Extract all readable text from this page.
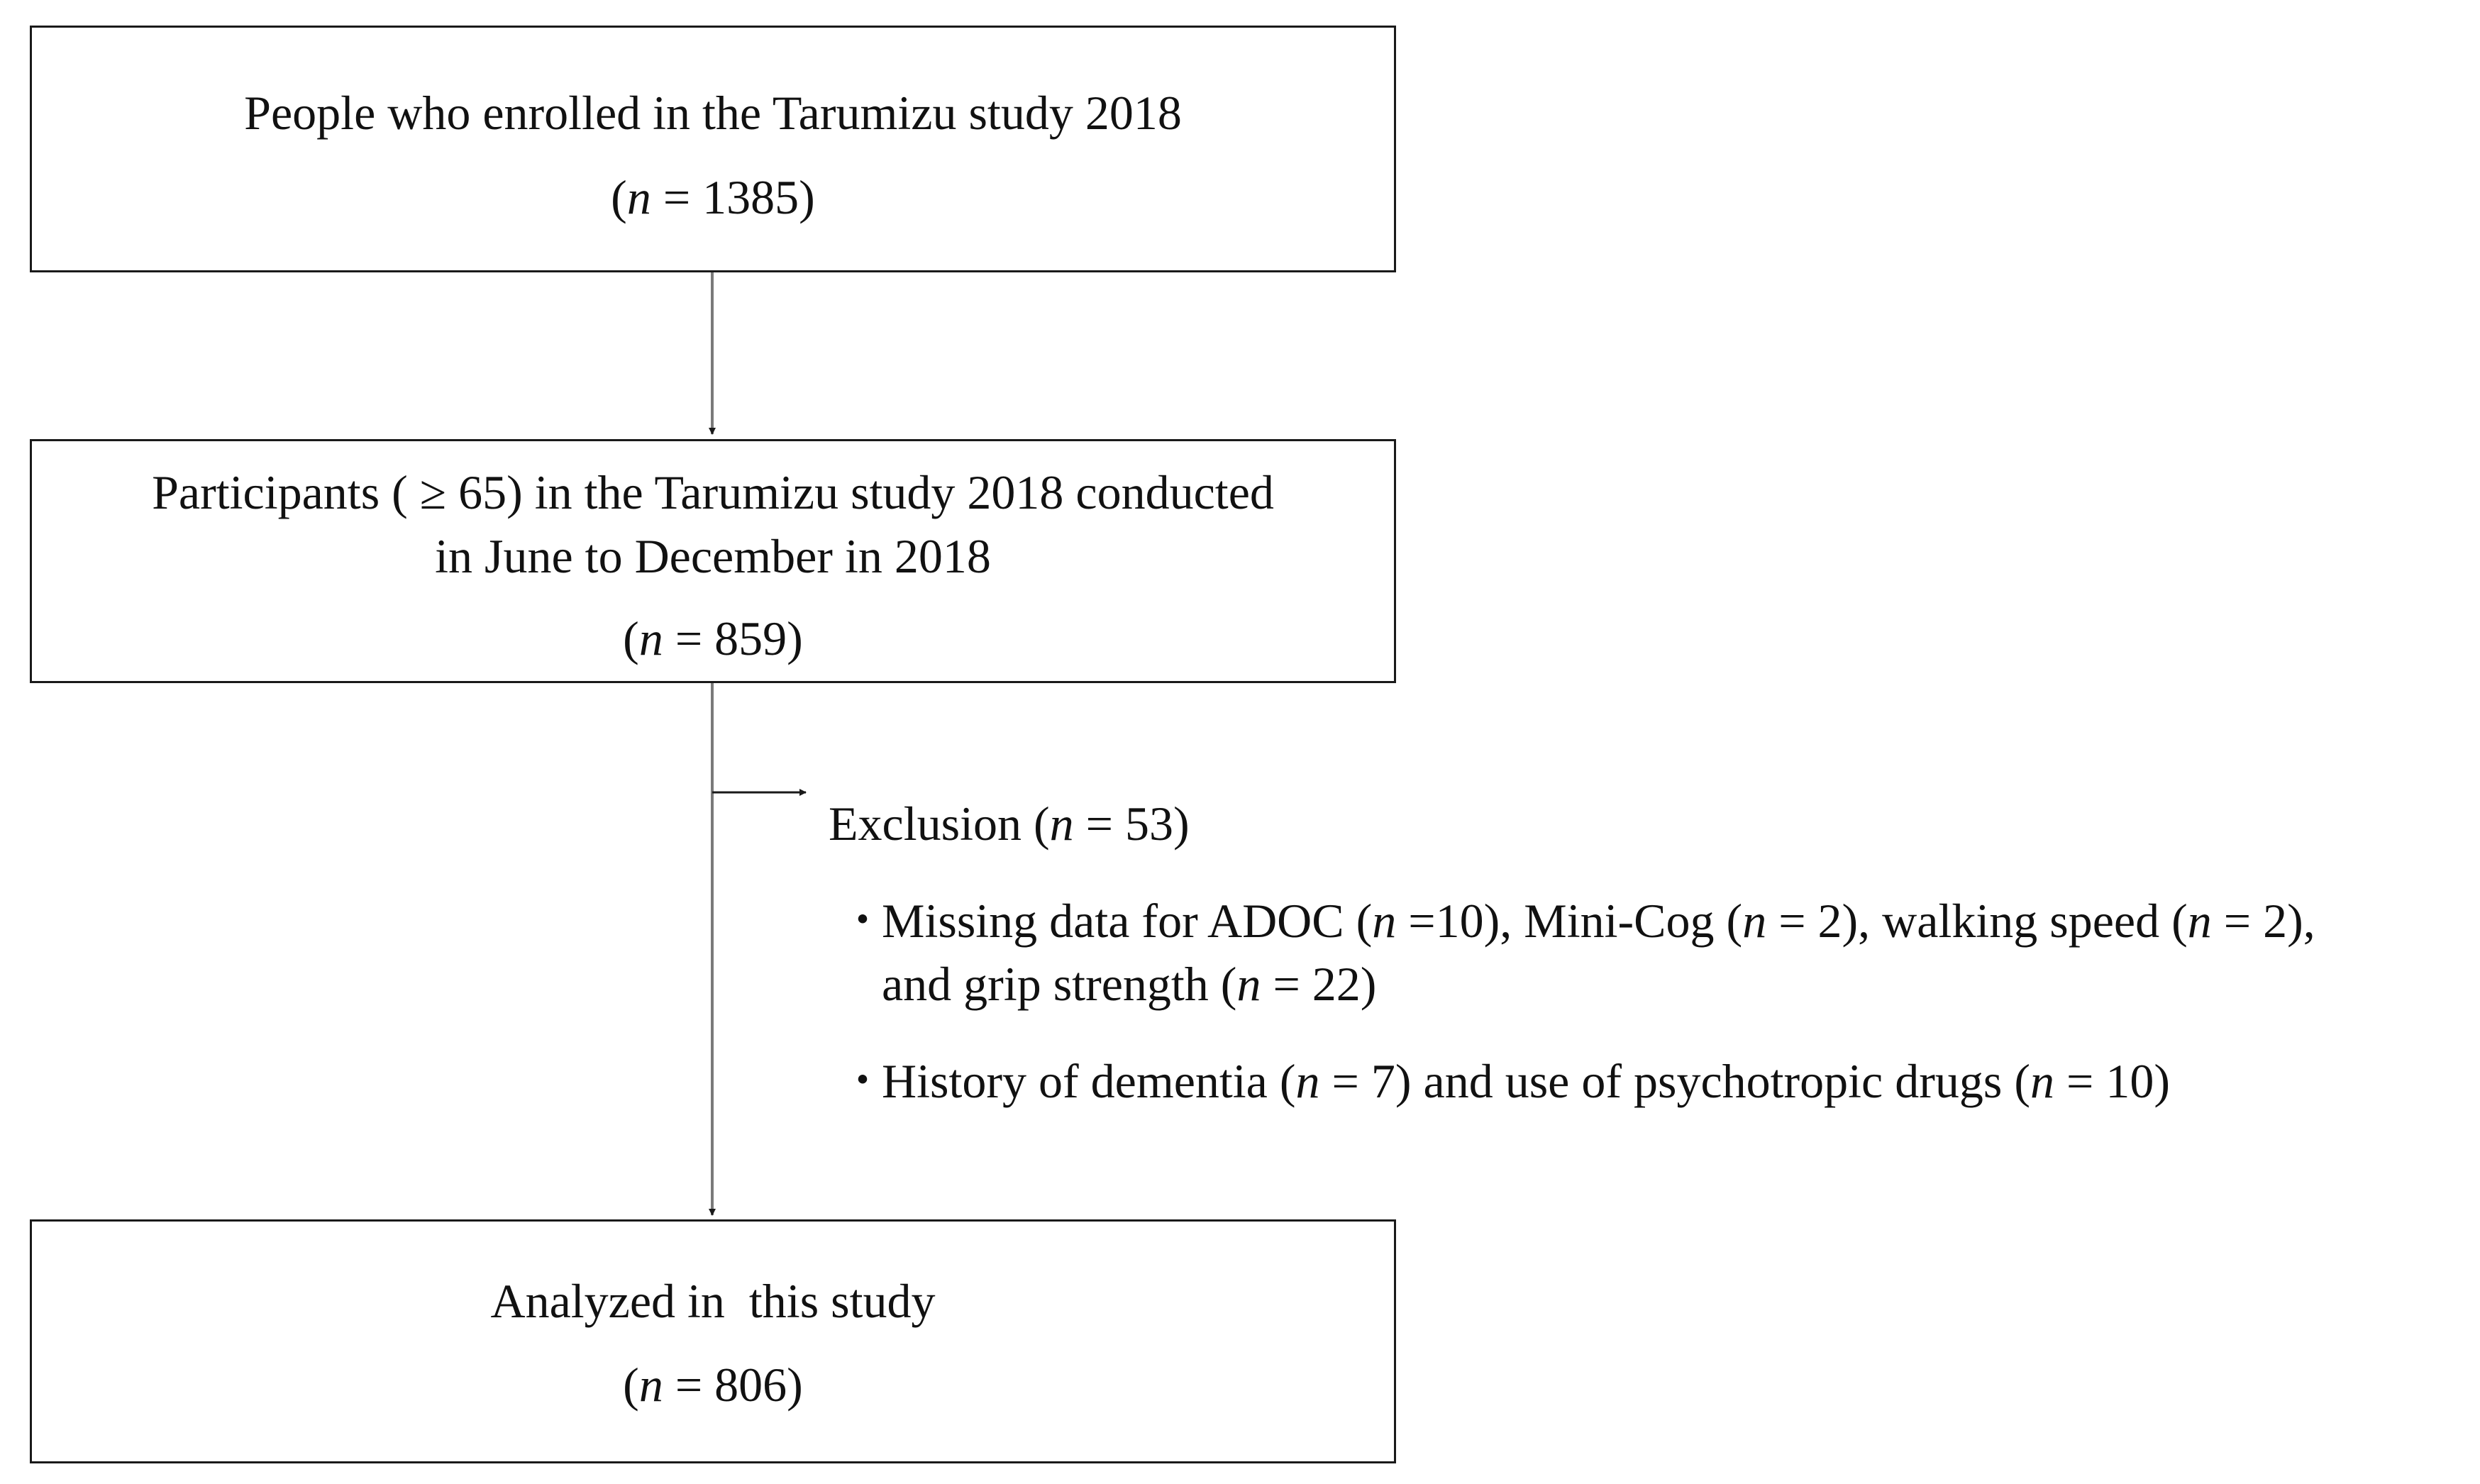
People who enrolled in the Tarumizu study 2018
(n = 1385)
Participants ( ≥ 65) in the Tarumizu study 2018 conducted
in June to December in 2018
(n = 859)
Exclusion (n = 53)
・
Missing data for ADOC (n =10), Mini-Cog (n = 2), walking speed (n = 2),
and grip strength (n = 22)
・
History of dementia (n = 7) and use of psychotropic drugs (n = 10)
Analyzed in  this study
(n = 806)
